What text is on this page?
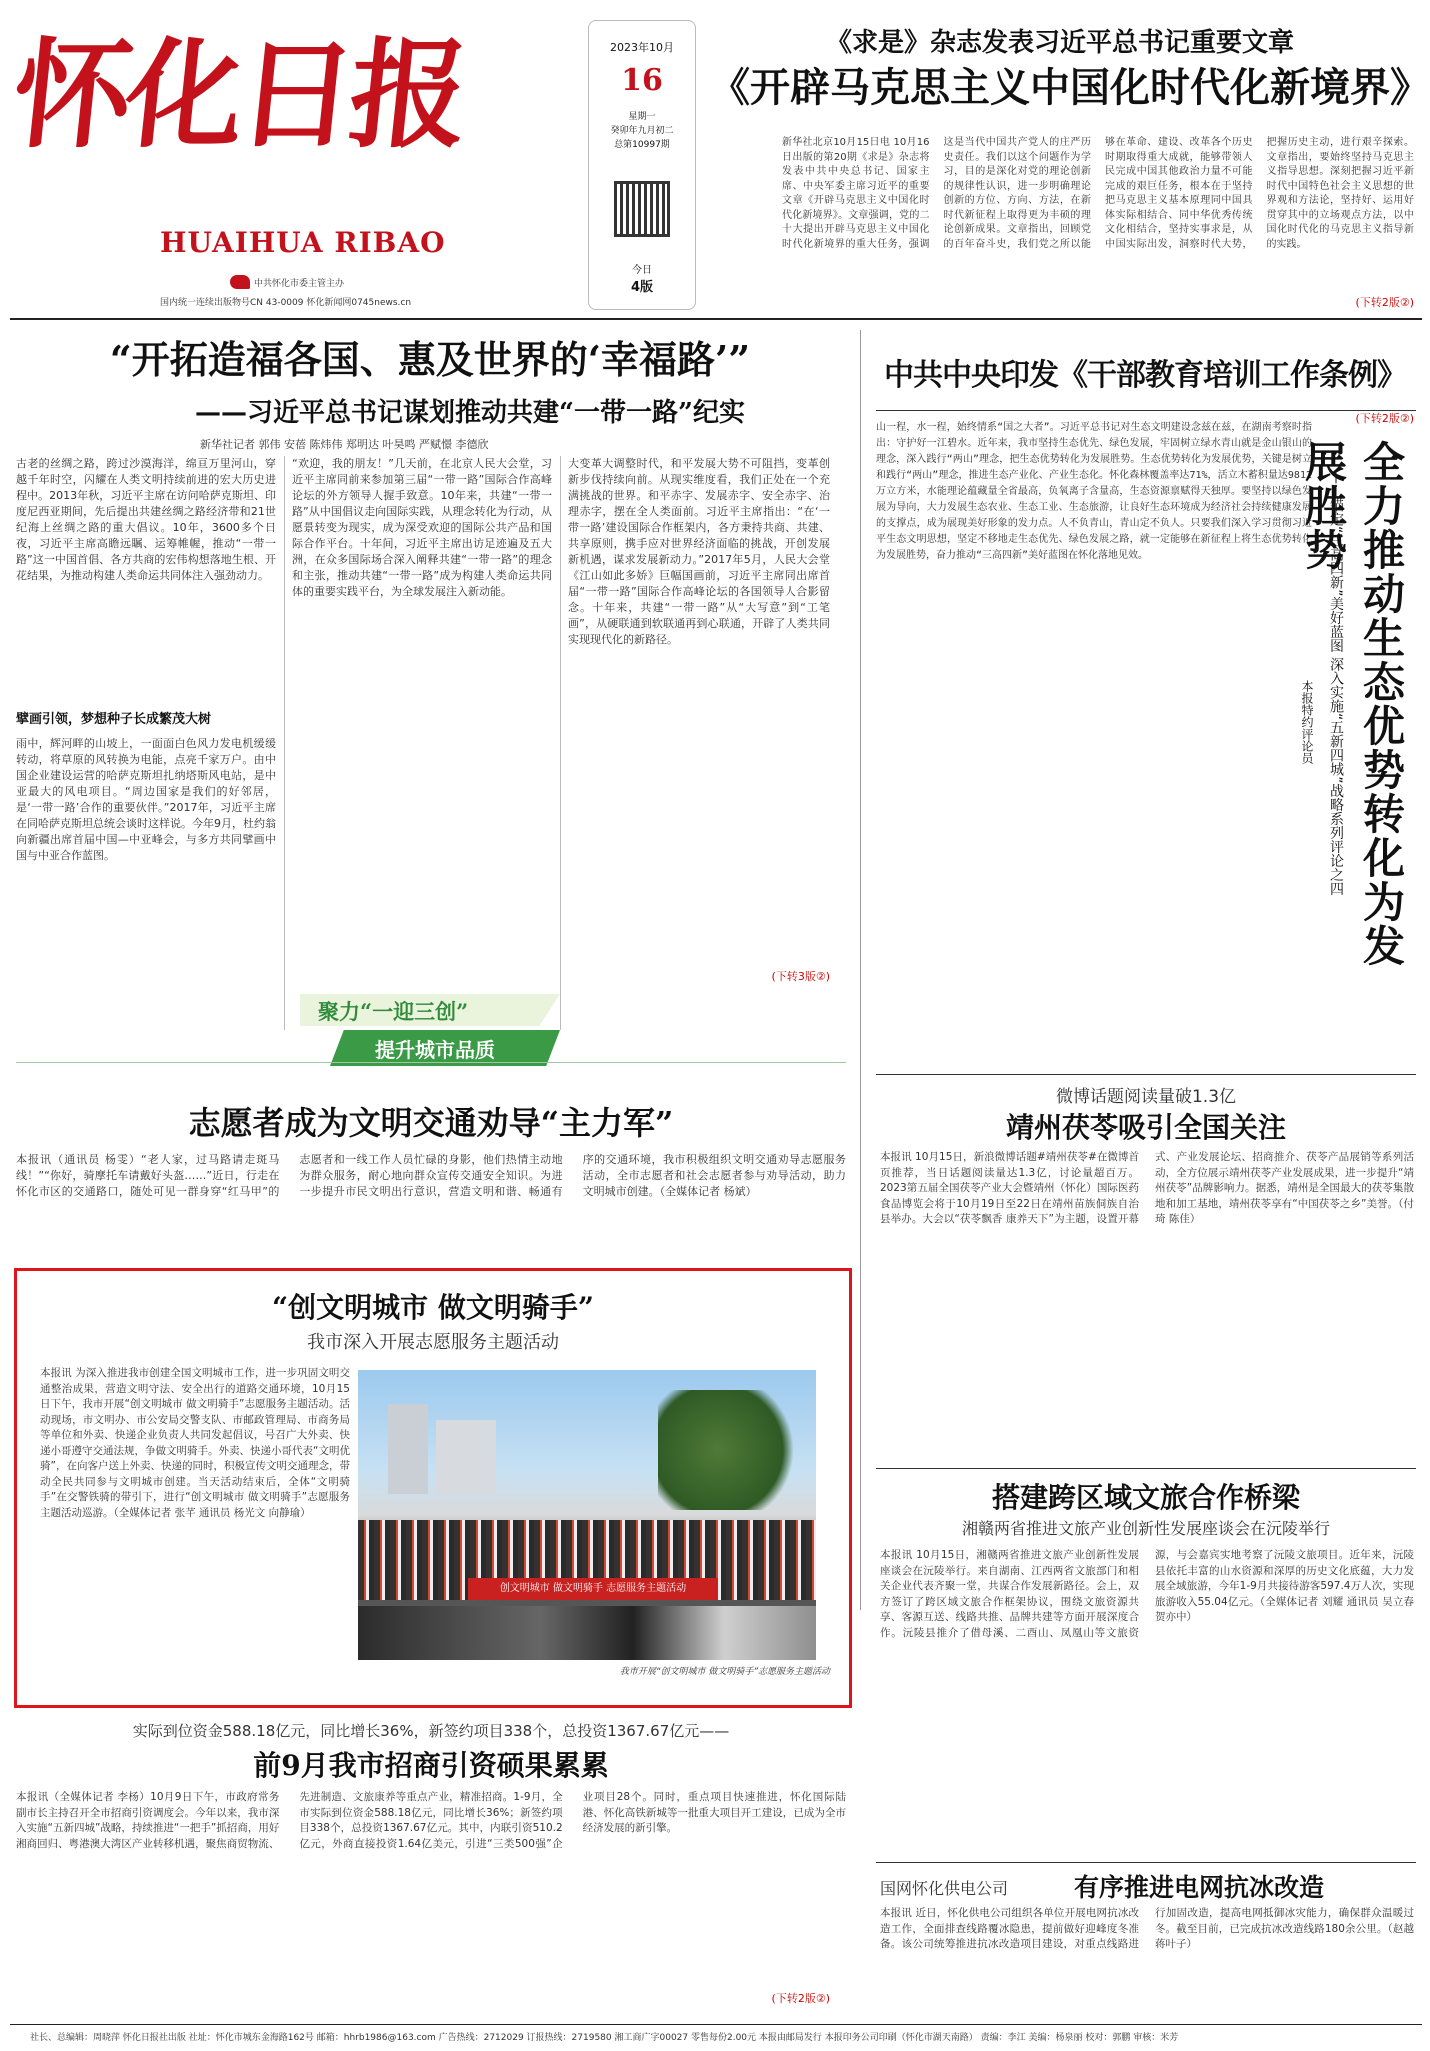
怀化日报
HUAIHUA RIBAO
中共怀化市委主管主办
国内统一连续出版物号CN 43-0009 怀化新闻网0745news.cn
2023年10月
16
星期一
癸卯年九月初二
总第10997期
今日
4版
《求是》杂志发表习近平总书记重要文章
《开辟马克思主义中国化时代化新境界》
新华社北京10月15日电 10月16日出版的第20期《求是》杂志将发表中共中央总书记、国家主席、中央军委主席习近平的重要文章《开辟马克思主义中国化时代化新境界》。文章强调，党的二十大提出开辟马克思主义中国化时代化新境界的重大任务，强调这是当代中国共产党人的庄严历史责任。我们以这个问题作为学习，目的是深化对党的理论创新的规律性认识，进一步明确理论创新的方位、方向、方法，在新时代新征程上取得更为丰硕的理论创新成果。文章指出，回顾党的百年奋斗史，我们党之所以能够在革命、建设、改革各个历史时期取得重大成就，能够带领人民完成中国其他政治力量不可能完成的艰巨任务，根本在于坚持把马克思主义基本原理同中国具体实际相结合、同中华优秀传统文化相结合，坚持实事求是，从中国实际出发，洞察时代大势，把握历史主动，进行艰辛探索。文章指出，要始终坚持马克思主义指导思想。深刻把握习近平新时代中国特色社会主义思想的世界观和方法论，坚持好、运用好贯穿其中的立场观点方法，以中国化时代化的马克思主义指导新的实践。
(下转2版②)
“开拓造福各国、惠及世界的‘幸福路’”
——习近平总书记谋划推动共建“一带一路”纪实
新华社记者 郭伟 安蓓 陈炜伟 郑明达 叶昊鸣 严赋憬 李德欣
古老的丝绸之路，跨过沙漠海洋，绵亘万里河山，穿越千年时空，闪耀在人类文明持续前进的宏大历史进程中。2013年秋，习近平主席在访问哈萨克斯坦、印度尼西亚期间，先后提出共建丝绸之路经济带和21世纪海上丝绸之路的重大倡议。10年，3600多个日夜，习近平主席高瞻远瞩、运筹帷幄，推动“一带一路”这一中国首倡、各方共商的宏伟构想落地生根、开花结果，为推动构建人类命运共同体注入强劲动力。
擘画引领，梦想种子长成繁茂大树
雨中，辉河畔的山坡上，一面面白色风力发电机缓缓转动，将草原的风转换为电能，点亮千家万户。由中国企业建设运营的哈萨克斯坦扎纳塔斯风电站，是中亚最大的风电项目。“周边国家是我们的好邻居，是‘一带一路’合作的重要伙伴。”2017年，习近平主席在同哈萨克斯坦总统会谈时这样说。今年9月，杜约翁向新疆出席首届中国—中亚峰会，与多方共同擘画中国与中亚合作蓝图。
“欢迎，我的朋友！”几天前，在北京人民大会堂，习近平主席同前来参加第三届“一带一路”国际合作高峰论坛的外方领导人握手致意。10年来，共建“一带一路”从中国倡议走向国际实践，从理念转化为行动，从愿景转变为现实，成为深受欢迎的国际公共产品和国际合作平台。十年间，习近平主席出访足迹遍及五大洲，在众多国际场合深入阐释共建“一带一路”的理念和主张，推动共建“一带一路”成为构建人类命运共同体的重要实践平台，为全球发展注入新动能。
大变革大调整时代，和平发展大势不可阻挡，变革创新步伐持续向前。从现实维度看，我们正处在一个充满挑战的世界。和平赤字、发展赤字、安全赤字、治理赤字，摆在全人类面前。习近平主席指出：“在‘一带一路’建设国际合作框架内，各方秉持共商、共建、共享原则，携手应对世界经济面临的挑战，开创发展新机遇，谋求发展新动力。”2017年5月，人民大会堂《江山如此多娇》巨幅国画前，习近平主席同出席首届“一带一路”国际合作高峰论坛的各国领导人合影留念。十年来，共建“一带一路”从“大写意”到“工笔画”，从硬联通到软联通再到心联通，开辟了人类共同实现现代化的新路径。
(下转3版②)
中共中央印发《干部教育培训工作条例》
山一程，水一程，始终情系“国之大者”。习近平总书记对生态文明建设念兹在兹，在湖南考察时指出：守护好一江碧水。近年来，我市坚持生态优先、绿色发展，牢固树立绿水青山就是金山银山的理念，深入践行“两山”理念，把生态优势转化为发展胜势。生态优势转化为发展优势，关键是树立和践行“两山”理念，推进生态产业化、产业生态化。怀化森林覆盖率达71%，活立木蓄积量达9812万立方米，水能理论蕴藏量全省最高，负氧离子含量高，生态资源禀赋得天独厚。要坚持以绿色发展为导向，大力发展生态农业、生态工业、生态旅游，让良好生态环境成为经济社会持续健康发展的支撑点，成为展现美好形象的发力点。人不负青山，青山定不负人。只要我们深入学习贯彻习近平生态文明思想，坚定不移地走生态优先、绿色发展之路，就一定能够在新征程上将生态优势转化为发展胜势，奋力推动“三高四新”美好蓝图在怀化落地见效。
(下转2版②)
全力推动生态优势转化为发展胜势
——锚定“三高四新”美好蓝图 深入实施“五新四城”战略系列评论之四
本报特约评论员
聚力“一迎三创”
提升城市品质
志愿者成为文明交通劝导“主力军”
本报讯（通讯员 杨雯）“老人家，过马路请走斑马线！”“你好，骑摩托车请戴好头盔……”近日，行走在怀化市区的交通路口，随处可见一群身穿“红马甲”的志愿者和一线工作人员忙碌的身影，他们热情主动地为群众服务，耐心地向群众宣传交通安全知识。为进一步提升市民文明出行意识，营造文明和谐、畅通有序的交通环境，我市积极组织文明交通劝导志愿服务活动，全市志愿者和社会志愿者参与劝导活动，助力文明城市创建。（全媒体记者 杨斌）
“创文明城市 做文明骑手”
我市深入开展志愿服务主题活动
本报讯 为深入推进我市创建全国文明城市工作，进一步巩固文明交通整治成果，营造文明守法、安全出行的道路交通环境，10月15日下午，我市开展“创文明城市 做文明骑手”志愿服务主题活动。活动现场，市文明办、市公安局交警支队、市邮政管理局、市商务局等单位和外卖、快递企业负责人共同发起倡议，号召广大外卖、快递小哥遵守交通法规，争做文明骑手。外卖、快递小哥代表“文明优骑”，在向客户送上外卖、快递的同时，积极宣传文明交通理念，带动全民共同参与文明城市创建。当天活动结束后，全体“文明骑手”在交警铁骑的带引下，进行“创文明城市 做文明骑手”志愿服务主题活动巡游。（全媒体记者 张芊 通讯员 杨光文 向静瑜）
创文明城市 做文明骑手 志愿服务主题活动
我市开展“创文明城市 做文明骑手”志愿服务主题活动
实际到位资金588.18亿元，同比增长36%，新签约项目338个，总投资1367.67亿元——
前9月我市招商引资硕果累累
本报讯（全媒体记者 李杨）10月9日下午，市政府常务副市长主持召开全市招商引资调度会。今年以来，我市深入实施“五新四城”战略，持续推进“一把手”抓招商，用好湘商回归、粤港澳大湾区产业转移机遇，聚焦商贸物流、先进制造、文旅康养等重点产业，精准招商。1-9月，全市实际到位资金588.18亿元，同比增长36%；新签约项目338个，总投资1367.67亿元。其中，内联引资510.2亿元，外商直接投资1.64亿美元，引进“三类500强”企业项目28个。同时，重点项目快速推进，怀化国际陆港、怀化高铁新城等一批重大项目开工建设，已成为全市经济发展的新引擎。
(下转2版②)
微博话题阅读量破1.3亿
靖州茯苓吸引全国关注
本报讯 10月15日，新浪微博话题#靖州茯苓#在微博首页推荐，当日话题阅读量达1.3亿，讨论量超百万。2023第五届全国茯苓产业大会暨靖州（怀化）国际医药食品博览会将于10月19日至22日在靖州苗族侗族自治县举办。大会以“茯苓飘香 康养天下”为主题，设置开幕式、产业发展论坛、招商推介、茯苓产品展销等系列活动，全方位展示靖州茯苓产业发展成果，进一步提升“靖州茯苓”品牌影响力。据悉，靖州是全国最大的茯苓集散地和加工基地，靖州茯苓享有“中国茯苓之乡”美誉。（付琦 陈佳）
搭建跨区域文旅合作桥梁
湘赣两省推进文旅产业创新性发展座谈会在沅陵举行
本报讯 10月15日，湘赣两省推进文旅产业创新性发展座谈会在沅陵举行。来自湖南、江西两省文旅部门和相关企业代表齐聚一堂，共谋合作发展新路径。会上，双方签订了跨区域文旅合作框架协议，围绕文旅资源共享、客源互送、线路共推、品牌共建等方面开展深度合作。沅陵县推介了借母溪、二酉山、凤凰山等文旅资源，与会嘉宾实地考察了沅陵文旅项目。近年来，沅陵县依托丰富的山水资源和深厚的历史文化底蕴，大力发展全域旅游，今年1-9月共接待游客597.4万人次，实现旅游收入55.04亿元。（全媒体记者 刘耀 通讯员 吴立春 贺亦中）
国网怀化供电公司	有序推进电网抗冰改造
本报讯 近日，怀化供电公司组织各单位开展电网抗冰改造工作，全面排查线路覆冰隐患，提前做好迎峰度冬准备。该公司统筹推进抗冰改造项目建设，对重点线路进行加固改造，提高电网抵御冰灾能力，确保群众温暖过冬。截至目前，已完成抗冰改造线路180余公里。（赵越 蒋叶子）
社长、总编辑：周晓萍 怀化日报社出版 社址：怀化市城东金海路162号 邮箱：hhrb1986@163.com 广告热线：2712029 订报热线：2719580 湘工商广字00027 零售每份2.00元 本报由邮局发行 本报印务公司印刷（怀化市湖天南路） 责编：李江 美编：杨泉丽 校对：郭鹏 审核：米芳
